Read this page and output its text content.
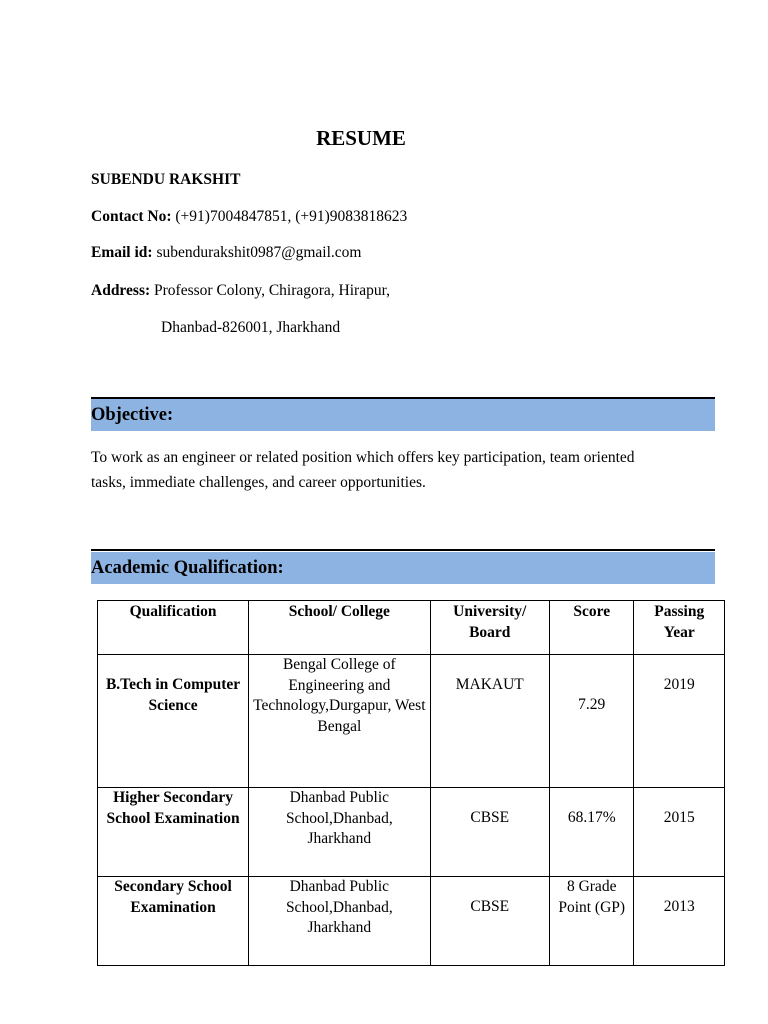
RESUME
SUBENDU RAKSHIT
Contact No: (+91)7004847851, (+91)9083818623
Email id: subendurakshit0987@gmail.com
Address: Professor Colony, Chiragora, Hirapur,
Dhanbad-826001, Jharkhand
Objective:
To work as an engineer or related position which offers key participation, team oriented tasks, immediate challenges, and career opportunities.
Academic Qualification:
Qualification	School/ College	University/ Board	Score	Passing Year
B.Tech in Computer Science	Bengal College of Engineering and Technology,Durgapur, West Bengal	MAKAUT	7.29	2019
Higher Secondary School Examination	Dhanbad Public School,Dhanbad, Jharkhand	CBSE	68.17%	2015
Secondary School Examination	Dhanbad Public School,Dhanbad, Jharkhand	CBSE	8 Grade Point (GP)	2013
